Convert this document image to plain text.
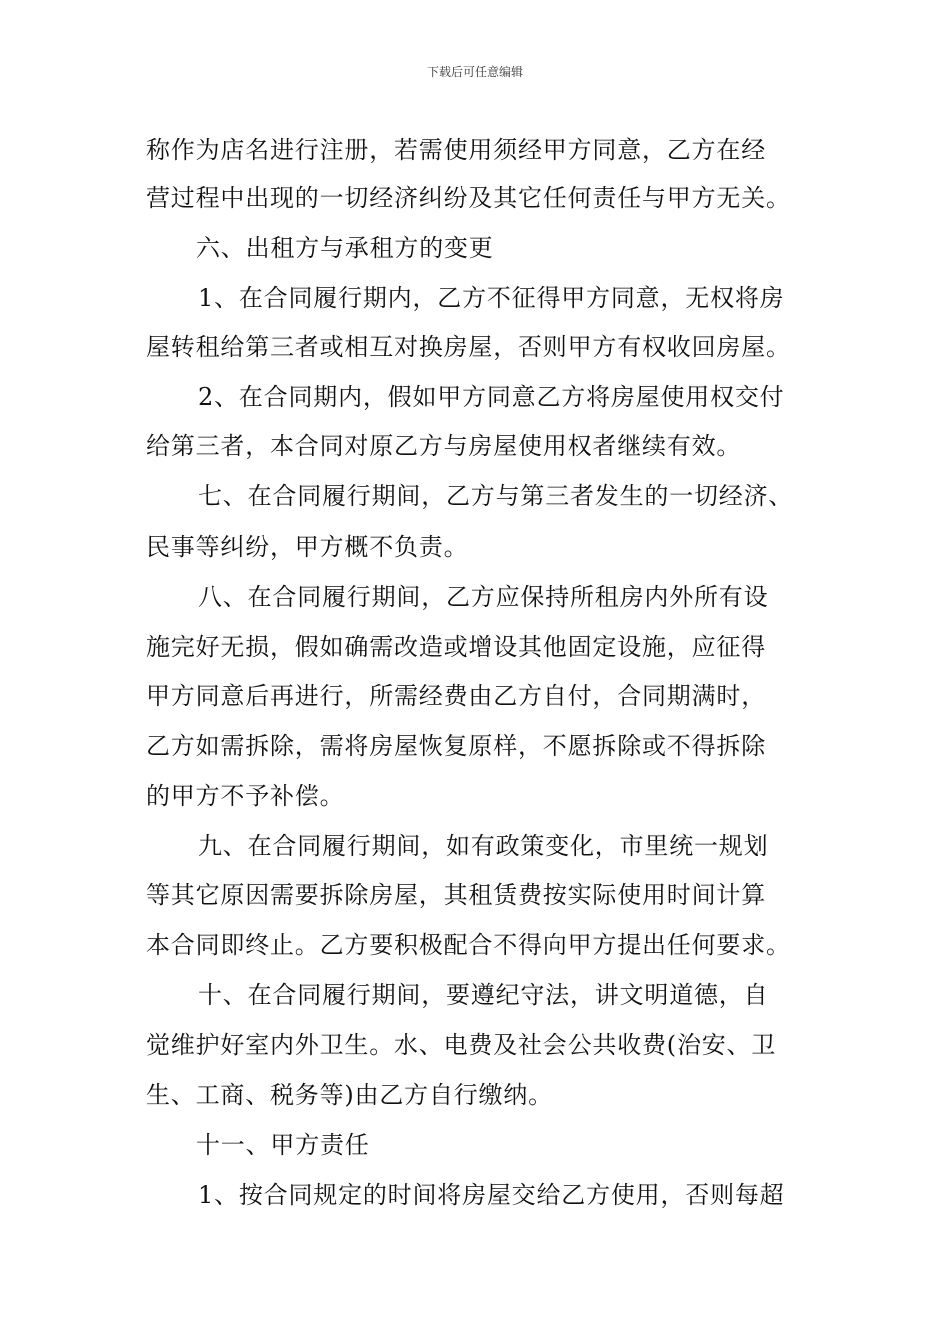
下载后可任意编辑
称作为店名进行注册，若需使用须经甲方同意，乙方在经
营过程中出现的一切经济纠纷及其它任何责任与甲方无关。
六、出租方与承租方的变更
1、在合同履行期内，乙方不征得甲方同意，无权将房
屋转租给第三者或相互对换房屋，否则甲方有权收回房屋。
2、在合同期内，假如甲方同意乙方将房屋使用权交付
给第三者，本合同对原乙方与房屋使用权者继续有效。
七、在合同履行期间，乙方与第三者发生的一切经济、
民事等纠纷，甲方概不负责。
八、在合同履行期间，乙方应保持所租房内外所有设
施完好无损，假如确需改造或增设其他固定设施，应征得
甲方同意后再进行，所需经费由乙方自付，合同期满时，
乙方如需拆除，需将房屋恢复原样，不愿拆除或不得拆除
的甲方不予补偿。
九、在合同履行期间，如有政策变化，市里统一规划
等其它原因需要拆除房屋，其租赁费按实际使用时间计算
本合同即终止。乙方要积极配合不得向甲方提出任何要求。
十、在合同履行期间，要遵纪守法，讲文明道德，自
觉维护好室内外卫生。水、电费及社会公共收费(治安、卫
生、工商、税务等)由乙方自行缴纳。
十一、甲方责任
1、按合同规定的时间将房屋交给乙方使用，否则每超
